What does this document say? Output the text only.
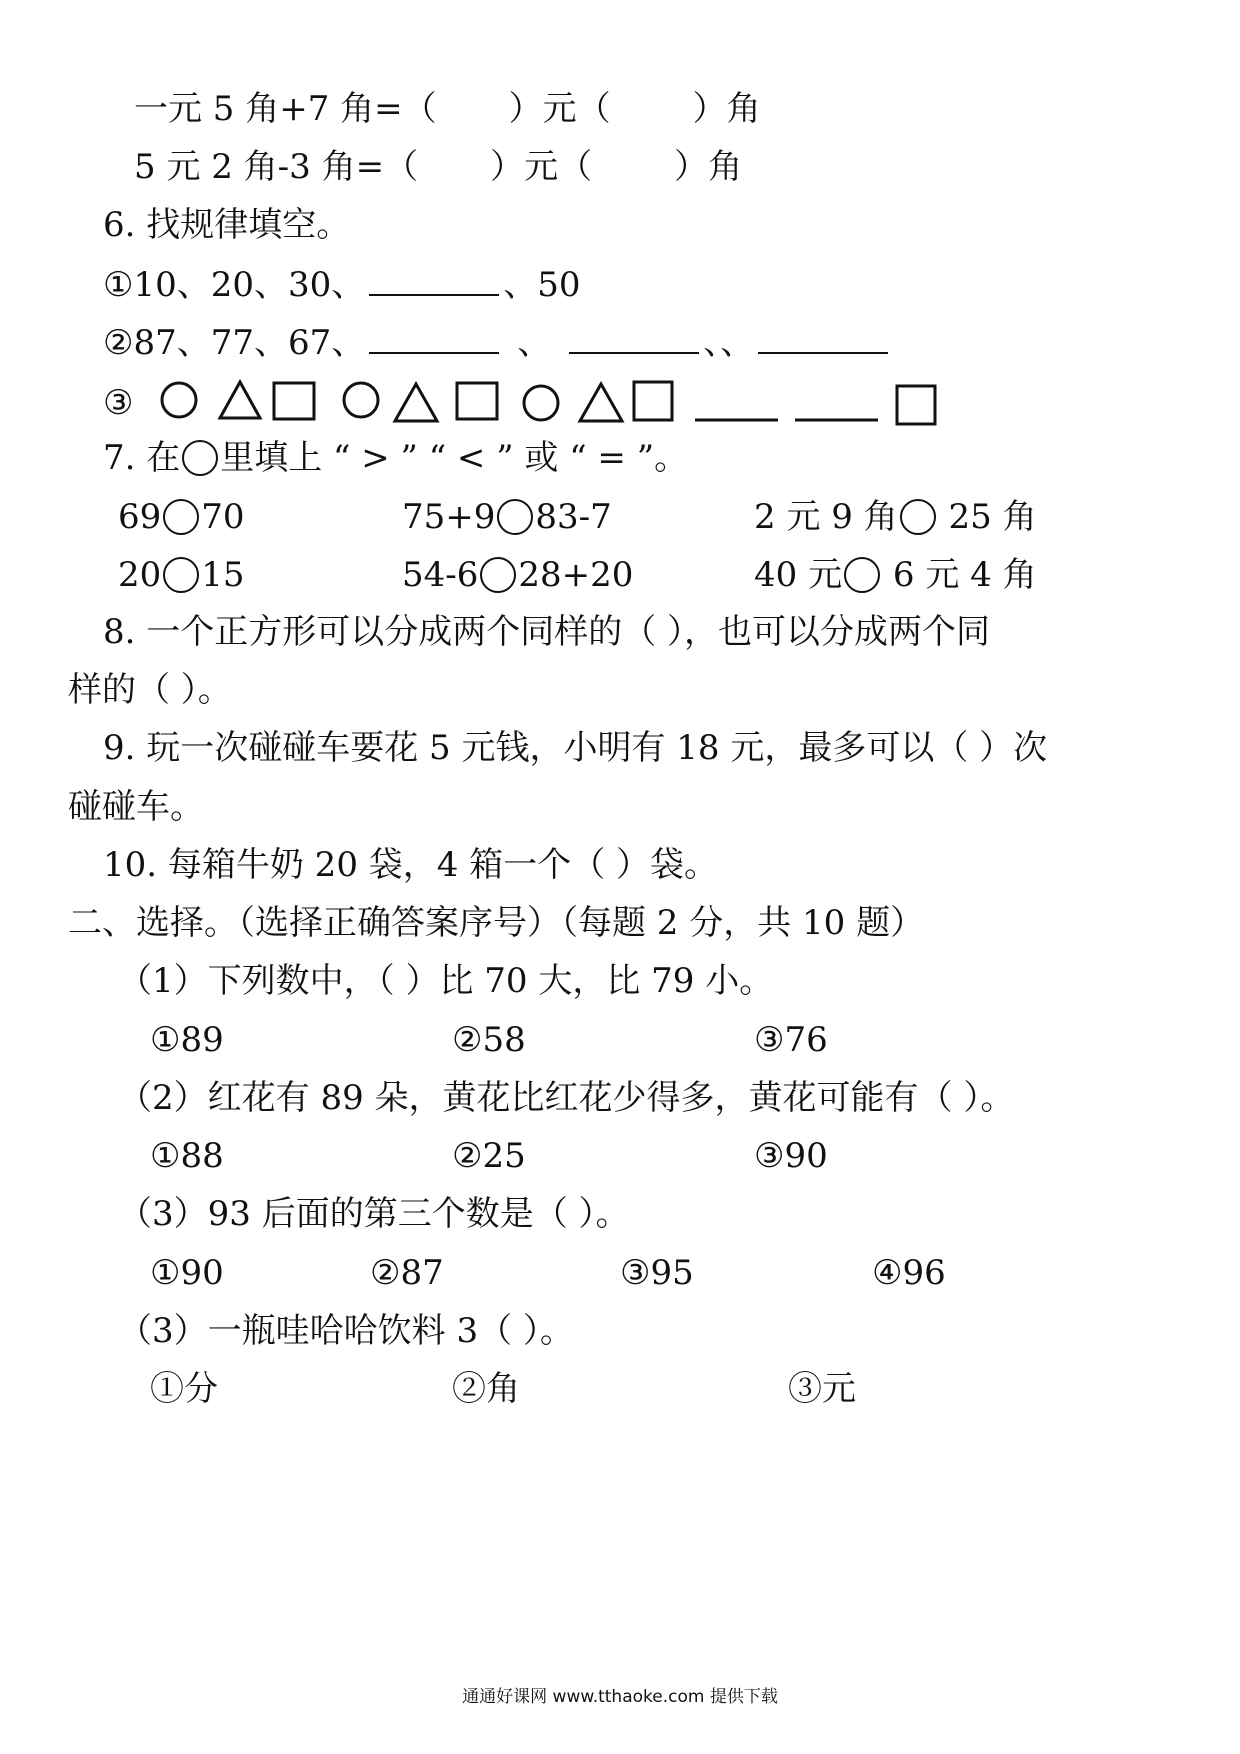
一元 5 角+7 角=（ ）元（ ）角
5 元 2 角-3 角=（ ）元（ ）角
6. 找规律填空。
①10、20、30、	、50
②87、77、67、	、	、、
③
7. 在 里填上 “ > ” “ < ” 或 “ = ”。
69 70	75+9 83-7	2 元 9 角 25 角
20 15	54-6 28+20	40 元 6 元 4 角
8. 一个正方形可以分成两个同样的（ ），也可以分成两个同
样的（ ）。
9. 玩一次碰碰车要花 5 元钱，小明有 18 元，最多可以（ ）次
碰碰车。
10. 每箱牛奶 20 袋，4 箱一个（ ）袋。
二、选择。（选择正确答案序号）（每题 2 分，共 10 题）
（1）下列数中，（ ）比 70 大，比 79 小。
①89	②58	③76
（2）红花有 89 朵，黄花比红花少得多，黄花可能有（ ）。
①88	②25	③90
（3）93 后面的第三个数是（ ）。
①90	②87	③95	④96
（3）一瓶哇哈哈饮料 3（ ）。
①分	②角	③元
通通好课网 www.tthaoke.com 提供下载
